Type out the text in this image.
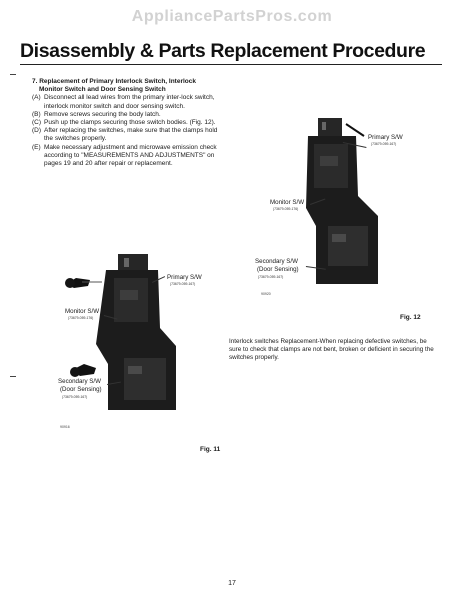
AppliancePartsPros.com
Disassembly & Parts Replacement Procedure
7. Replacement of Primary Interlock Switch, Interlock
Monitor Switch and Door Sensing Switch
(A) Disconnect all lead wires from the primary inter-lock switch, interlock monitor switch and door sensing switch.
(B) Remove screws securing the body latch.
(C) Push up the clamps securing those switch bodies. (Fig. 12).
(D) After replacing the switches, make sure that the clamps hold the switches properly.
(E) Make necessary adjustment and microwave emission check according to "MEASUREMENTS AND ADJUSTMENTS" on pages 19 and 20 after repair or replacement.
Primary S/W
(73679-059-167)
Monitor S/W
(73679-059-176)
Secondary S/W
(Door Sensing)
(73679-059-167)
90920
Fig. 12
Primary S/W
(73679-059-167)
Monitor S/W
(73679-059-176)
Secondary S/W
(Door Sensing)
(73679-059-167)
90916
Fig. 11
Interlock switches Replacement-When replacing defective switches, be sure to check that clamps are not bent, broken or deficient in securing the switches properly.
17
